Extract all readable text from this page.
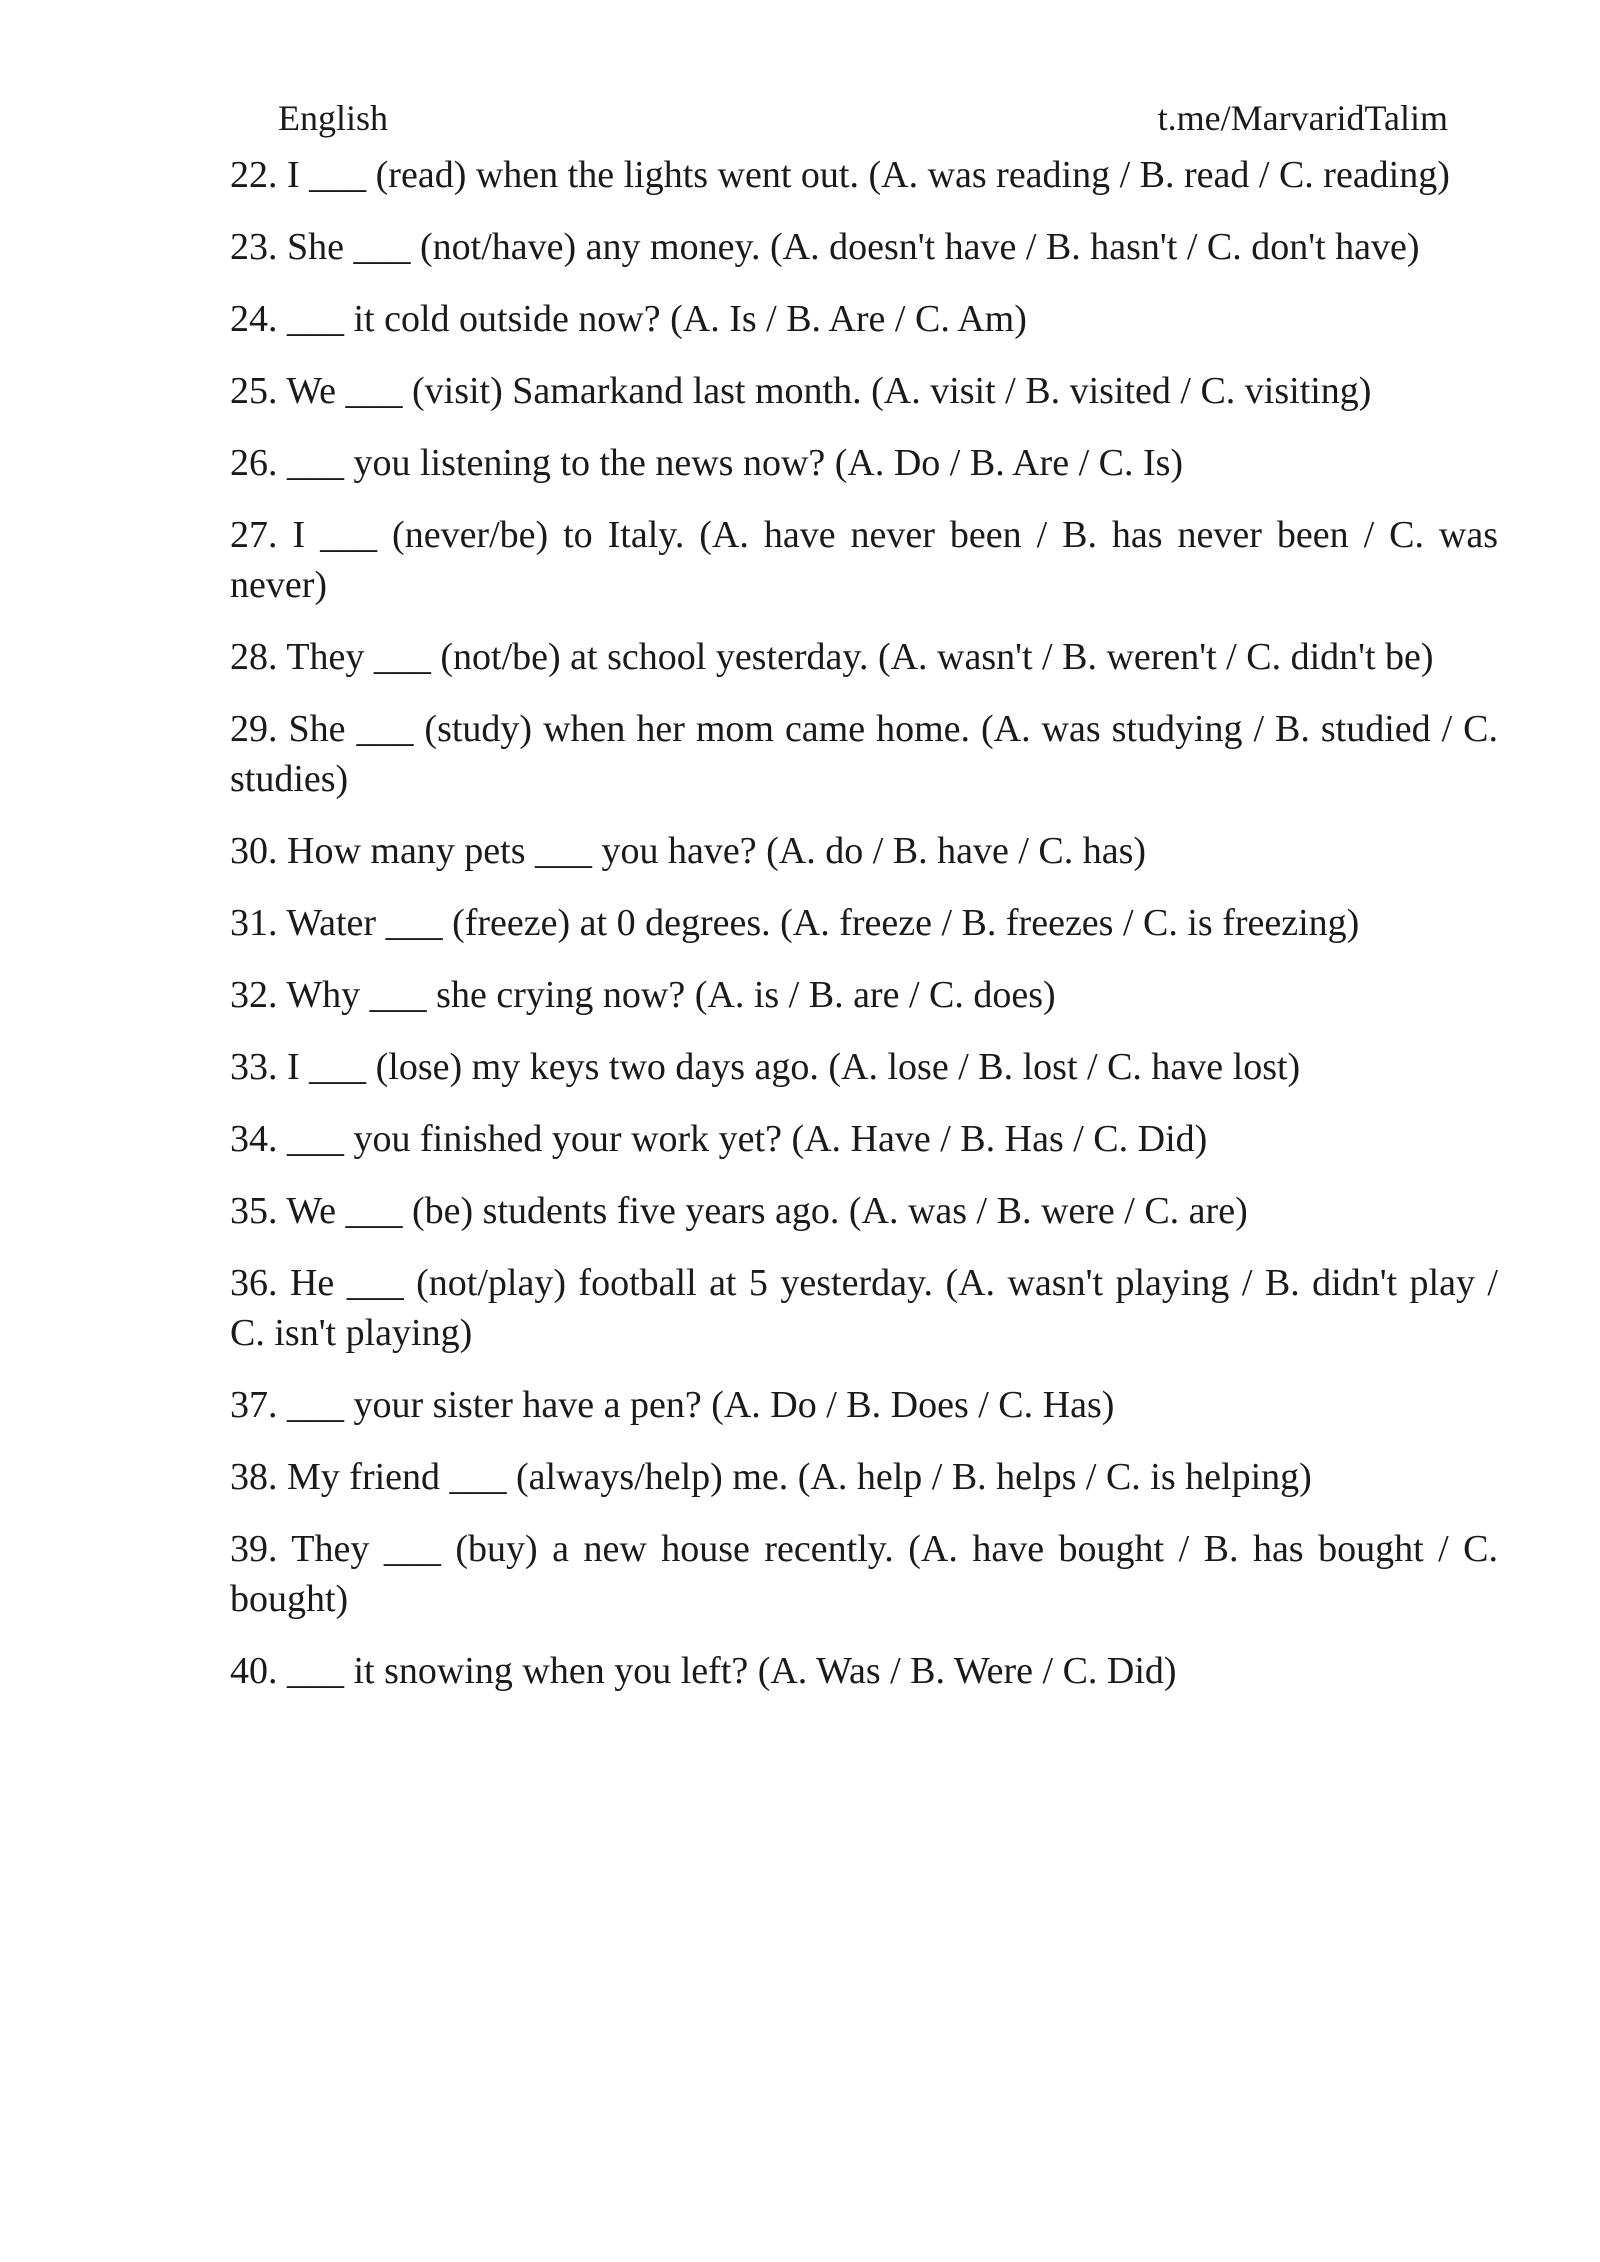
English	t.me/MarvaridTalim
22. I ___ (read) when the lights went out. (A. was reading / B. read / C. reading)
23. She ___ (not/have) any money. (A. doesn't have / B. hasn't / C. don't have)
24. ___ it cold outside now? (A. Is / B. Are / C. Am)
25. We ___ (visit) Samarkand last month. (A. visit / B. visited / C. visiting)
26. ___ you listening to the news now? (A. Do / B. Are / C. Is)
27. I ___ (never/be) to Italy. (A. have never been / B. has never been / C. was never)
28. They ___ (not/be) at school yesterday. (A. wasn't / B. weren't / C. didn't be)
29. She ___ (study) when her mom came home. (A. was studying / B. studied / C. studies)
30. How many pets ___ you have? (A. do / B. have / C. has)
31. Water ___ (freeze) at 0 degrees. (A. freeze / B. freezes / C. is freezing)
32. Why ___ she crying now? (A. is / B. are / C. does)
33. I ___ (lose) my keys two days ago. (A. lose / B. lost / C. have lost)
34. ___ you finished your work yet? (A. Have / B. Has / C. Did)
35. We ___ (be) students five years ago. (A. was / B. were / C. are)
36. He ___ (not/play) football at 5 yesterday. (A. wasn't playing / B. didn't play / C. isn't playing)
37. ___ your sister have a pen? (A. Do / B. Does / C. Has)
38. My friend ___ (always/help) me. (A. help / B. helps / C. is helping)
39. They ___ (buy) a new house recently. (A. have bought / B. has bought / C. bought)
40. ___ it snowing when you left? (A. Was / B. Were / C. Did)
